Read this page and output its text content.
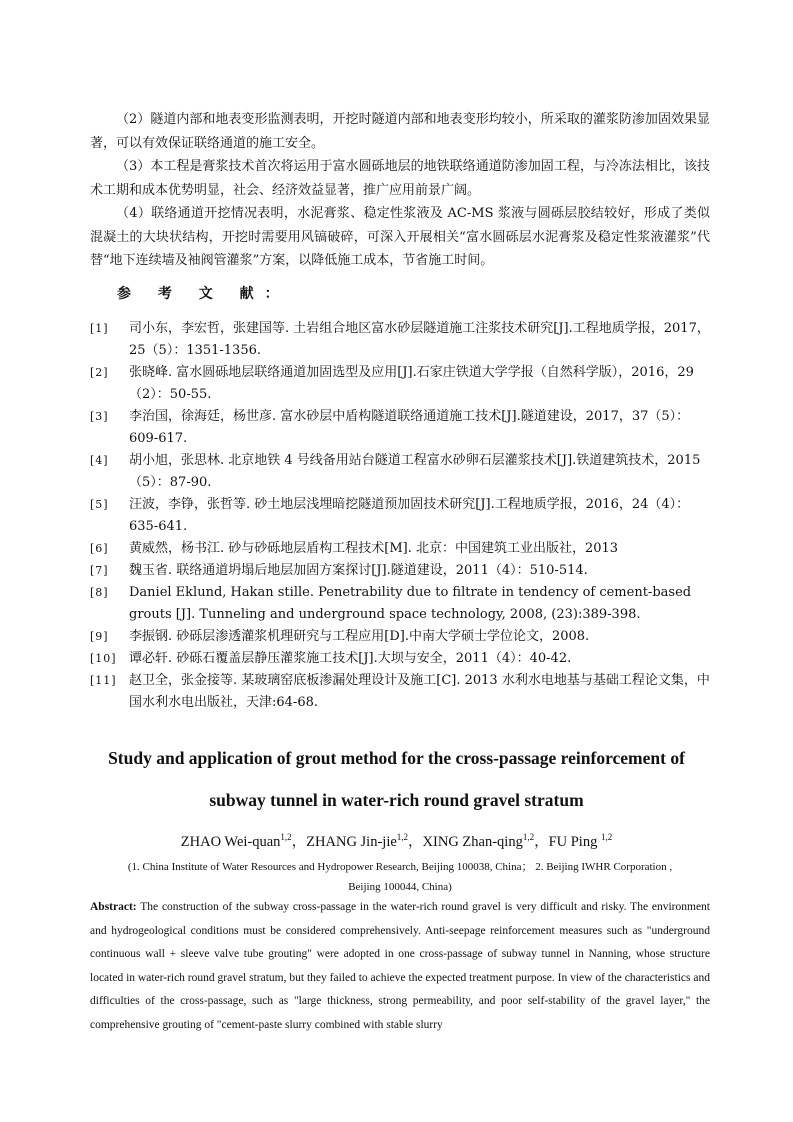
（2）隧道内部和地表变形监测表明，开挖时隧道内部和地表变形均较小，所采取的灌浆防渗加固效果显著，可以有效保证联络通道的施工安全。

（3）本工程是膏浆技术首次将运用于富水圆砾地层的地铁联络通道防渗加固工程，与冷冻法相比，该技术工期和成本优势明显，社会、经济效益显著，推广应用前景广阔。

（4）联络通道开挖情况表明，水泥膏浆、稳定性浆液及 AC-MS 浆液与圆砾层胶结较好，形成了类似混凝土的大块状结构，开挖时需要用风镐破碎，可深入开展相关“富水圆砾层水泥膏浆及稳定性浆液灌浆”代替“地下连续墙及袖阀管灌浆”方案，以降低施工成本，节省施工时间。

参 考 文 献：

[1] 司小东，李宏哲，张建国等. 土岩组合地区富水砂层隧道施工注浆技术研究[J].工程地质学报，2017，25（5）：1351-1356.
[2] 张晓峰. 富水圆砾地层联络通道加固选型及应用[J].石家庄铁道大学学报（自然科学版），2016，29（2）：50-55.
[3] 李治国，徐海廷，杨世彦. 富水砂层中盾构隧道联络通道施工技术[J].隧道建设，2017，37（5）：609-617.
[4] 胡小旭，张思林. 北京地铁 4 号线备用站台隧道工程富水砂卵石层灌浆技术[J].铁道建筑技术，2015（5）：87-90.
[5] 汪波，李铮，张哲等. 砂土地层浅埋暗挖隧道预加固技术研究[J].工程地质学报，2016，24（4）：635-641.
[6] 黄威然，杨书江. 砂与砂砾地层盾构工程技术[M]. 北京：中国建筑工业出版社，2013
[7] 魏玉省. 联络通道坍塌后地层加固方案探讨[J].隧道建设，2011（4）：510-514.
[8] Daniel Eklund, Hakan stille. Penetrability due to filtrate in tendency of cement-based grouts [J]. Tunneling and underground space technology, 2008, (23):389-398.
[9] 李振钢. 砂砾层渗透灌浆机理研究与工程应用[D].中南大学硕士学位论文，2008.
[10] 谭必轩. 砂砾石覆盖层静压灌浆施工技术[J].大坝与安全，2011（4）：40-42.
[11] 赵卫全，张金接等. 某玻璃窑底板渗漏处理设计及施工[C]. 2013 水利水电地基与基础工程论文集，中国水利水电出版社，天津:64-68.

Study and application of grout method for the cross-passage reinforcement of

subway tunnel in water-rich round gravel stratum

ZHAO Wei-quan$^{1,2}$，ZHANG Jin-jie$^{1,2}$，XING Zhan-qing$^{1,2}$，FU Ping $^{1,2}$

(1. China Institute of Water Resources and Hydropower Research, Beijing 100038, China； 2. Beijing IWHR Corporation ,
Beijing 100044, China)

Abstract: The construction of the subway cross-passage in the water-rich round gravel is very difficult and risky. The environment and hydrogeological conditions must be considered comprehensively. Anti-seepage reinforcement measures such as "underground continuous wall + sleeve valve tube grouting" were adopted in one cross-passage of subway tunnel in Nanning, whose structure located in water-rich round gravel stratum, but they failed to achieve the expected treatment purpose. In view of the characteristics and difficulties of the cross-passage, such as "large thickness, strong permeability, and poor self-stability of the gravel layer," the comprehensive grouting of "cement-paste slurry combined with stable slurry
